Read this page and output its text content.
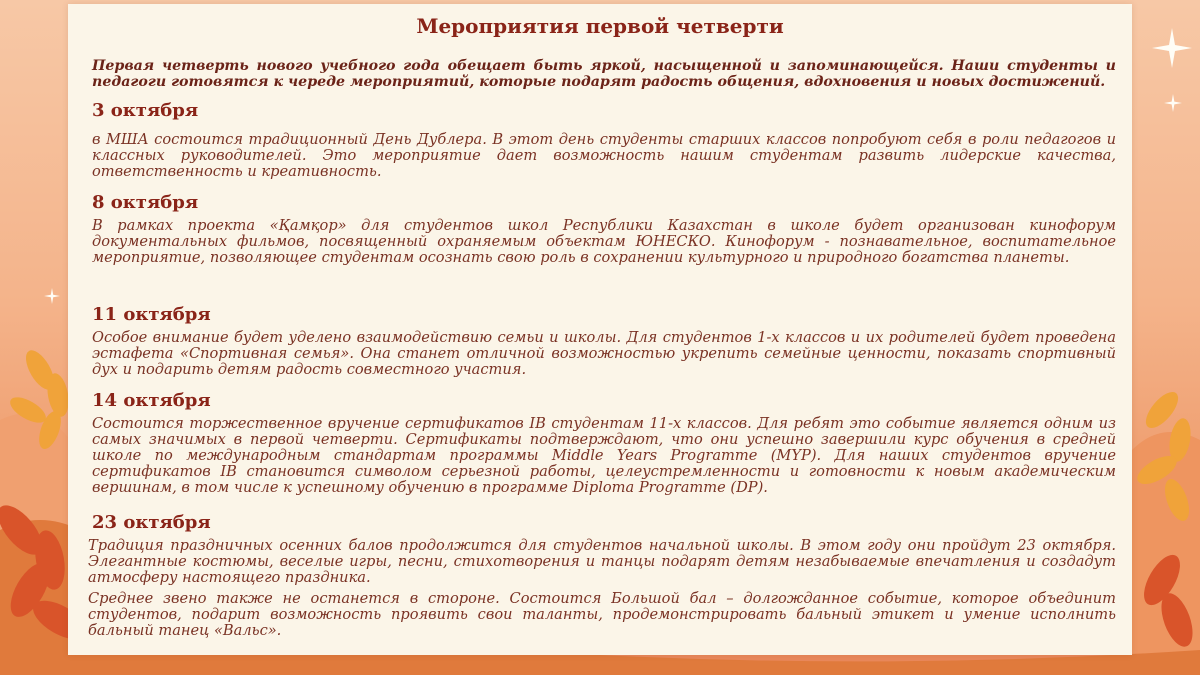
Мероприятия первой четверти

Первая четверть нового учебного года обещает быть яркой, насыщенной и запоминающейся. Наши студенты и педагоги готовятся к череде мероприятий, которые подарят радость общения, вдохновения и новых достижений.

3 октября

в МША состоится традиционный День Дублера. В этот день студенты старших классов попробуют себя в роли педагогов и классных руководителей. Это мероприятие дает возможность нашим студентам развить лидерские качества, ответственность и креативность.

8 октября

В рамках проекта «Қамқор» для студентов школ Республики Казахстан в школе будет организован кинофорум документальных фильмов, посвященный охраняемым объектам ЮНЕСКО. Кинофорум - познавательное, воспитательное мероприятие, позволяющее студентам осознать свою роль в сохранении культурного и природного богатства планеты.

11 октября

Особое внимание будет уделено взаимодействию семьи и школы. Для студентов 1-х классов и их родителей будет проведена эстафета «Спортивная семья». Она станет отличной возможностью укрепить семейные ценности, показать спортивный дух и подарить детям радость совместного участия.

14 октября

Состоится торжественное вручение сертификатов IB студентам 11-х классов. Для ребят это событие является одним из самых значимых в первой четверти. Сертификаты подтверждают, что они успешно завершили курс обучения в средней школе по международным стандартам программы Middle Years Programme (MYP). Для наших студентов вручение сертификатов IB становится символом серьезной работы, целеустремленности и готовности к новым академическим вершинам, в том числе к успешному обучению в программе Diploma Programme (DP).

23 октября

Традиция праздничных осенних балов продолжится для студентов начальной школы. В этом году они пройдут 23 октября. Элегантные костюмы, веселые игры, песни, стихотворения и танцы подарят детям незабываемые впечатления и создадут атмосферу настоящего праздника.

Среднее звено также не останется в стороне. Состоится Большой бал – долгожданное событие, которое объединит студентов, подарит возможность проявить свои таланты, продемонстрировать бальный этикет и умение исполнить бальный танец «Вальс».
